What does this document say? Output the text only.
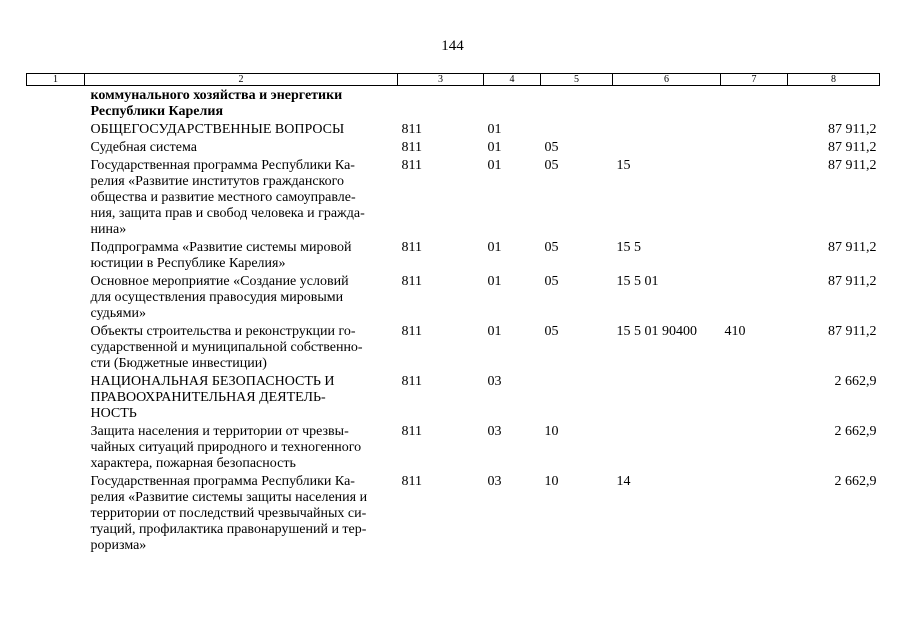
144
1	2	3	4	5	6	7	8
	коммунального хозяйства и энергетики Республики Карелия						
	ОБЩЕГОСУДАРСТВЕННЫЕ ВОПРОСЫ	811	01				87 911,2
	Судебная система	811	01	05			87 911,2
	Государственная программа Республики Ка-
релия «Развитие институтов гражданского
общества и развитие местного самоуправле-
ния, защита прав и свобод человека и гражда-
нина»	811	01	05	15		87 911,2
	Подпрограмма «Развитие системы мировой
юстиции в Республике Карелия»	811	01	05	15 5		87 911,2
	Основное мероприятие «Создание условий
для осуществления правосудия мировыми
судьями»	811	01	05	15 5 01		87 911,2
	Объекты строительства и реконструкции го-
сударственной и муниципальной собственно-
сти (Бюджетные инвестиции)	811	01	05	15 5 01 90400	410	87 911,2
	НАЦИОНАЛЬНАЯ БЕЗОПАСНОСТЬ И
ПРАВООХРАНИТЕЛЬНАЯ ДЕЯТЕЛЬ-
НОСТЬ	811	03				2 662,9
	Защита населения и территории от чрезвы-
чайных ситуаций природного и техногенного
характера, пожарная безопасность	811	03	10			2 662,9
	Государственная программа Республики Ка-
релия «Развитие системы защиты населения и
территории от последствий чрезвычайных си-
туаций, профилактика правонарушений и тер-
роризма»	811	03	10	14		2 662,9
